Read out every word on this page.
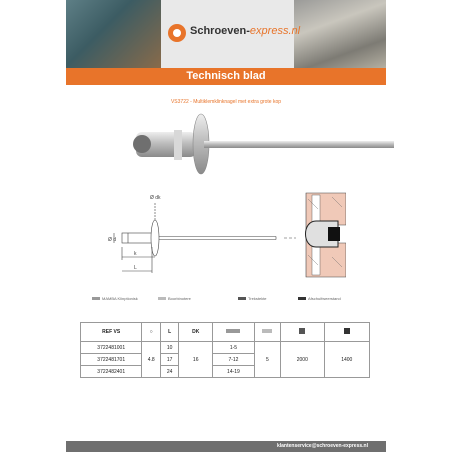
Schroeven-express.nl
Technisch blad
VS3722 - Multiklemklinknagel met extra grote kop
Ø d
Ø dk
k
L
MAMBA Klinptionisk	Boorbinotere	Trekstekte	Afschuifweerstand
REF VS	○	L	DK				
3722481001	4.8	10	16	1-5	5	2000	1400
3722481701		17		7-12			
3722482401		24		14-19			
klantenservice@schroeven-express.nl
